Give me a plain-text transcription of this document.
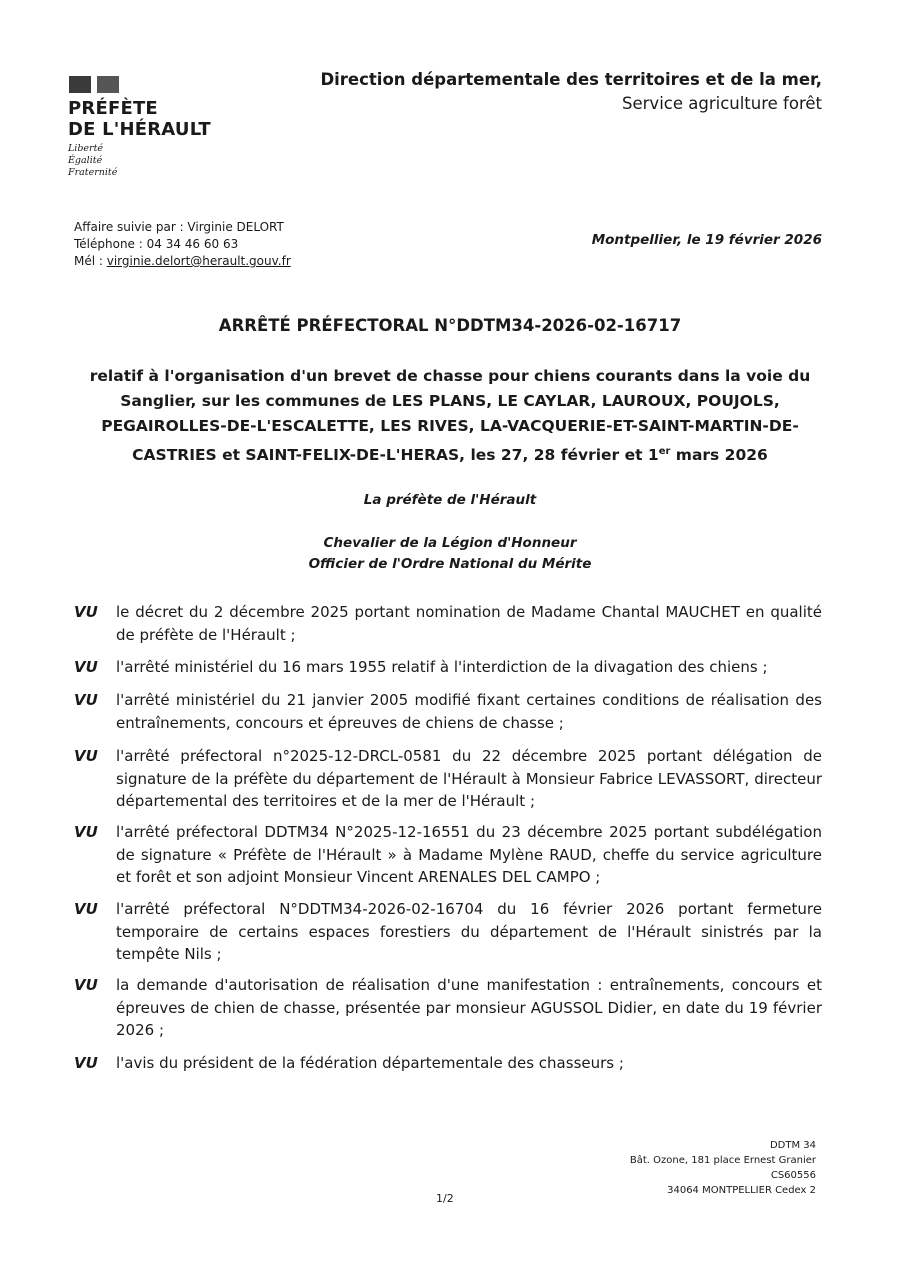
PRÉFÈTE
DE L'HÉRAULT
Liberté
Égalité
Fraternité
Direction départementale des territoires et de la mer,
Service agriculture forêt
Affaire suivie par : Virginie DELORT
Téléphone : 04 34 46 60 63
Mél : virginie.delort@herault.gouv.fr
Montpellier, le 19 février 2026
ARRÊTÉ PRÉFECTORAL N°DDTM34-2026-02-16717
relatif à l'organisation d'un brevet de chasse pour chiens courants dans la voie du Sanglier, sur les communes de LES PLANS, LE CAYLAR, LAUROUX, POUJOLS, PEGAIROLLES-DE-L'ESCALETTE, LES RIVES, LA-VACQUERIE-ET-SAINT-MARTIN-DE-CASTRIES et SAINT-FELIX-DE-L'HERAS, les 27, 28 février et 1er mars 2026
La préfète de l'Hérault
Chevalier de la Légion d'Honneur
Officier de l'Ordre National du Mérite
VU	le décret du 2 décembre 2025 portant nomination de Madame Chantal MAUCHET en qualité de préfète de l'Hérault ;
VU	l'arrêté ministériel du 16 mars 1955 relatif à l'interdiction de la divagation des chiens ;
VU	l'arrêté ministériel du 21 janvier 2005 modifié fixant certaines conditions de réalisation des entraînements, concours et épreuves de chiens de chasse ;
VU	l'arrêté préfectoral n°2025-12-DRCL-0581 du 22 décembre 2025 portant délégation de signature de la préfète du département de l'Hérault à Monsieur Fabrice LEVASSORT, directeur départemental des territoires et de la mer de l'Hérault ;
VU	l'arrêté préfectoral DDTM34 N°2025-12-16551 du 23 décembre 2025 portant subdélégation de signature « Préfète de l'Hérault » à Madame Mylène RAUD, cheffe du service agriculture et forêt et son adjoint Monsieur Vincent ARENALES DEL CAMPO ;
VU	l'arrêté préfectoral N°DDTM34-2026-02-16704 du 16 février 2026 portant fermeture temporaire de certains espaces forestiers du département de l'Hérault sinistrés par la tempête Nils ;
VU	la demande d'autorisation de réalisation d'une manifestation : entraînements, concours et épreuves de chien de chasse, présentée par monsieur AGUSSOL Didier, en date du 19 février 2026 ;
VU	l'avis du président de la fédération départementale des chasseurs ;
DDTM 34
Bât. Ozone, 181 place Ernest Granier
CS60556
34064 MONTPELLIER Cedex 2
1/2
